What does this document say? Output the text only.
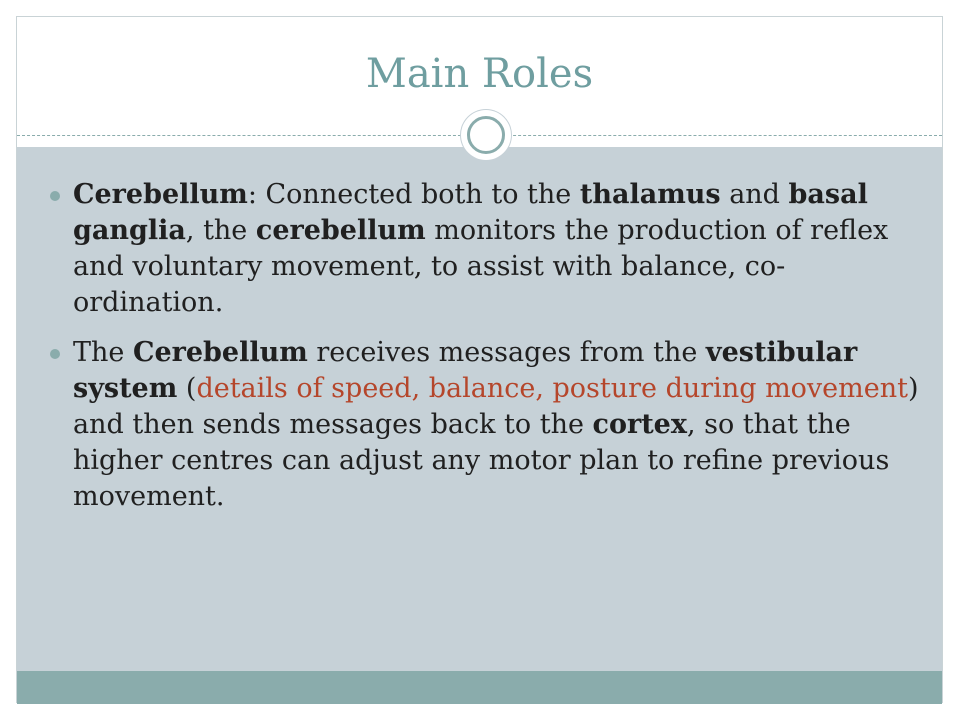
Main Roles
Cerebellum: Connected both to the thalamus and basal ganglia, the cerebellum monitors the production of reflex and voluntary movement, to assist with balance, co-ordination.
The Cerebellum receives messages from the vestibular system (details of speed, balance, posture during movement) and then sends messages back to the cortex, so that the higher centres can adjust any motor plan to refine previous movement.
